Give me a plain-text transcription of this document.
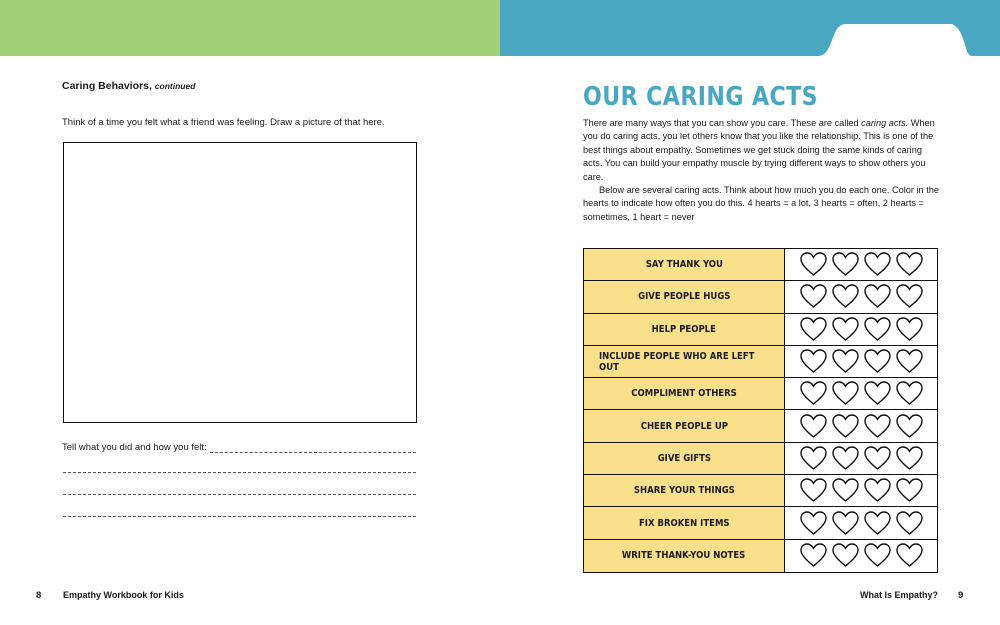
Caring Behaviors, continued
Think of a time you felt what a friend was feeling. Draw a picture of that here.
Tell what you did and how you felt:
OUR CARING ACTS

There are many ways that you can show you care. These are called caring acts. When you do caring acts, you let others know that you like the relationship. This is one of the best things about empathy. Sometimes we get stuck doing the same kinds of caring acts. You can build your empathy muscle by trying different ways to show others you care.

Below are several caring acts. Think about how much you do each one. Color in the hearts to indicate how often you do this. 4 hearts = a lot, 3 hearts = often, 2 hearts = sometimes, 1 heart = never

SAY THANK YOU
GIVE PEOPLE HUGS
HELP PEOPLE
INCLUDE PEOPLE WHO ARE LEFT OUT
COMPLIMENT OTHERS
CHEER PEOPLE UP
GIVE GIFTS
SHARE YOUR THINGS
FIX BROKEN ITEMS
WRITE THANK-YOU NOTES
8 Empathy Workbook for Kids	What Is Empathy? 9
